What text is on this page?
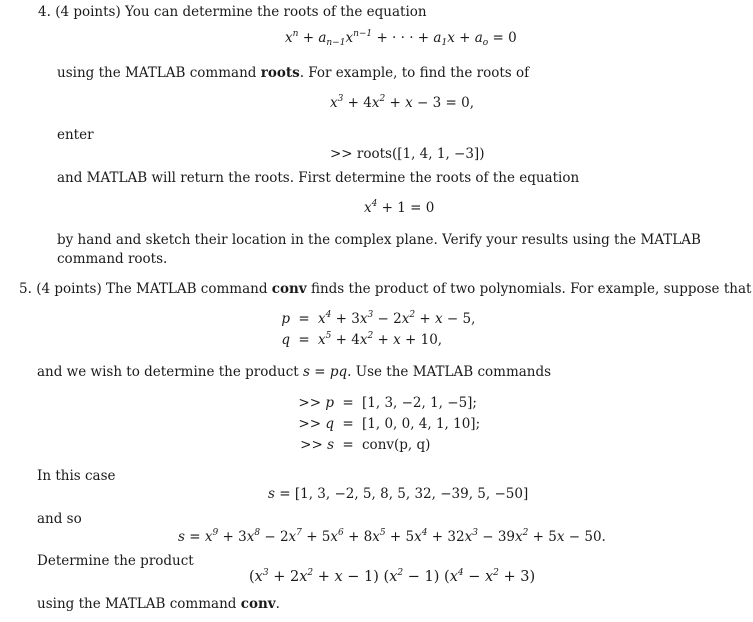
4. (4 points) You can determine the roots of the equation
$x^n + a_{n-1}x^{n-1}$ + · · · + $a_1x + a_o = 0$
using the MATLAB command roots. For example, to find the roots of
$x^3 + 4x^2 + x - 3 = 0$,
enter
>> roots([1, 4, 1, −3])
and MATLAB will return the roots. First determine the roots of the equation
$x^4 + 1 = 0$
by hand and sketch their location in the complex plane. Verify your results using the MATLAB command roots.
5. (4 points) The MATLAB command conv finds the product of two polynomials. For example, suppose that
$p = x^4 + 3x^3 - 2x^2 + x - 5$,
$q = x^5 + 4x^2 + x + 10$,
and we wish to determine the product s = pq. Use the MATLAB commands
>> p = [1, 3, −2, 1, −5];
>> q = [1, 0, 0, 4, 1, 10];
>> s = conv(p, q)
In this case
s = [1, 3, −2, 5, 8, 5, 32, −39, 5, −50]
and so
$s = x^9 + 3x^8 - 2x^7 + 5x^6 + 8x^5 + 5x^4 + 32x^3 - 39x^2 + 5x - 50$.
Determine the product
$(x^3 + 2x^2 + x - 1) (x^2 - 1) (x^4 - x^2 + 3)$
using the MATLAB command conv.
